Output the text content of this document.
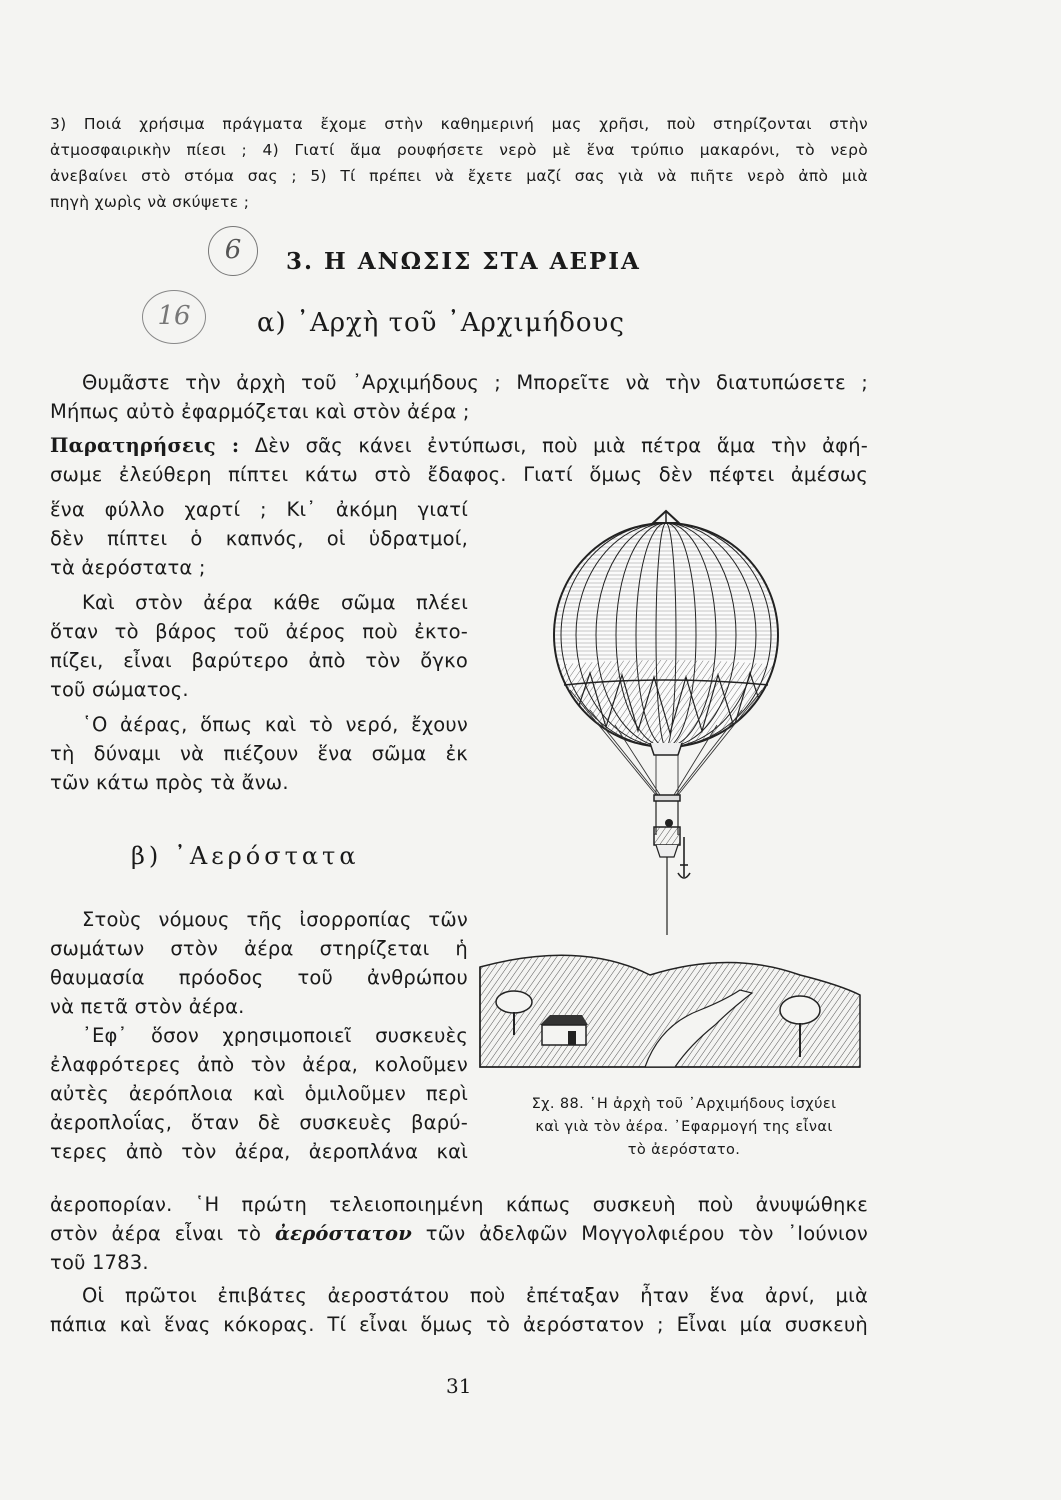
3) Ποιά χρήσιμα πράγματα ἔχομε στὴν καθημερινή μας χρῆσι, ποὺ στηρίζονται στὴν

ἀτμοσφαιρικὴν πίεσι ; 4) Γιατί ἅμα ρουφήσετε νερὸ μὲ ἕνα τρύπιο μακαρόνι, τὸ νερὸ

ἀνεβαίνει στὸ στόμα σας ; 5) Τί πρέπει νὰ ἔχετε μαζί σας γιὰ νὰ πιῆτε νερὸ ἀπὸ μιὰ

πηγὴ χωρὶς νὰ σκύψετε ;

6
16
3. Η ΑΝΩΣΙΣ ΣΤΑ ΑΕΡΙΑ
α) ᾿Αρχὴ τοῦ ᾿Αρχιμήδους

Θυμᾶστε τὴν ἀρχὴ τοῦ ᾿Αρχιμήδους ; Μπορεῖτε νὰ τὴν διατυπώσετε ;

Μήπως αὐτὸ ἐφαρμόζεται καὶ στὸν ἀέρα ;

Παρατηρήσεις : Δὲν σᾶς κάνει ἐντύπωσι, ποὺ μιὰ πέτρα ἅμα τὴν ἀφή-

σωμε ἐλεύθερη πίπτει κάτω στὸ ἔδαφος. Γιατί ὅμως δὲν πέφτει ἀμέσως

ἕνα φύλλο χαρτί ; Κι᾿ ἀκόμη γιατί

δὲν πίπτει ὁ καπνός, οἱ ὑδρατμοί,

τὰ ἀερόστατα ;

Καὶ στὸν ἀέρα κάθε σῶμα πλέει

ὅταν τὸ βάρος τοῦ ἀέρος ποὺ ἐκτο-

πίζει, εἶναι βαρύτερο ἀπὸ τὸν ὄγκο

τοῦ σώματος.

῾Ο ἀέρας, ὅπως καὶ τὸ νερό, ἔχουν

τὴ δύναμι νὰ πιέζουν ἕνα σῶμα ἐκ

τῶν κάτω πρὸς τὰ ἄνω.

β) ᾿Αερόστατα

Στοὺς νόμους τῆς ἰσορροπίας τῶν

σωμάτων στὸν ἀέρα στηρίζεται ἡ

θαυμασία πρόοδος τοῦ ἀνθρώπου

νὰ πετᾶ στὸν ἀέρα.

᾿Εφ᾿ ὅσον χρησιμοποιεῖ συσκευὲς

ἐλαφρότερες ἀπὸ τὸν ἀέρα, κολοῦμεν

αὐτὲς ἀερόπλοια καὶ ὁμιλοῦμεν περὶ

ἀεροπλοΐας, ὅταν δὲ συσκευὲς βαρύ-

τερες ἀπὸ τὸν ἀέρα, ἀεροπλάνα καὶ

ἀεροπορίαν. ῾Η πρώτη τελειοποιημένη κάπως συσκευὴ ποὺ ἀνυψώθηκε

στὸν ἀέρα εἶναι τὸ ἀερόστατον τῶν ἀδελφῶν Μογγολφιέρου τὸν ᾿Ιούνιον

τοῦ 1783.

Οἱ πρῶτοι ἐπιβάτες ἀεροστάτου ποὺ ἐπέταξαν ἦταν ἕνα ἀρνί, μιὰ

πάπια καὶ ἕνας κόκορας. Τί εἶναι ὅμως τὸ ἀερόστατον ; Εἶναι μία συσκευὴ

Σχ. 88. ῾Η ἀρχὴ τοῦ ᾿Αρχιμήδους ἰσχύει

καὶ γιὰ τὸν ἀέρα. ᾿Εφαρμογή της εἶναι

τὸ ἀερόστατο.

31
